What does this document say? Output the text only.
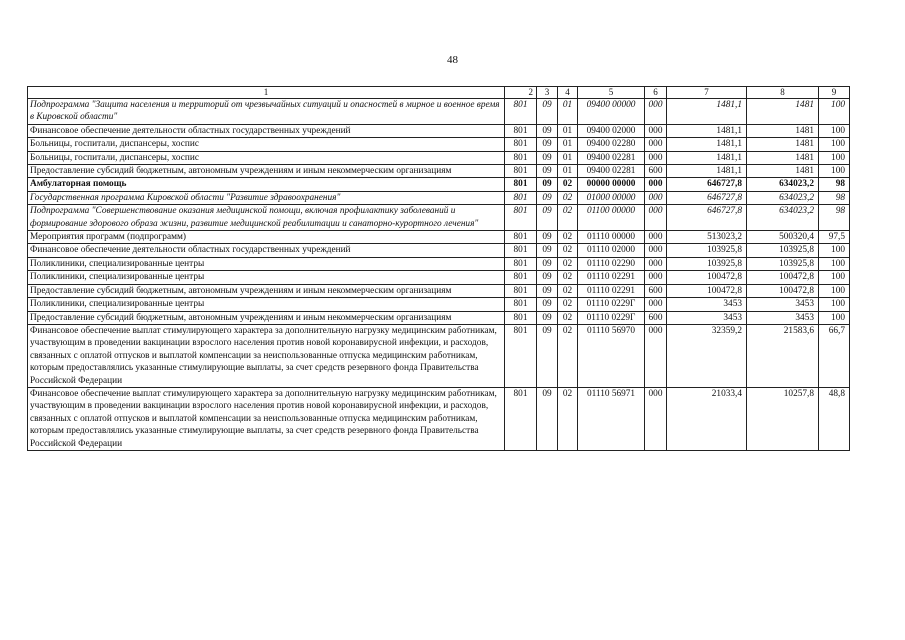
48
1	2	3	4	5	6	7	8	9
Подпрограмма "Защита населения и территорий от чрезвычайных ситуаций и опасностей в мирное и военное время в Кировской области"	801	09	01	09400 00000	000	1481,1	1481	100
Финансовое обеспечение деятельности областных государственных учреждений	801	09	01	09400 02000	000	1481,1	1481	100
Больницы, госпитали, диспансеры, хоспис	801	09	01	09400 02280	000	1481,1	1481	100
Больницы, госпитали, диспансеры, хоспис	801	09	01	09400 02281	000	1481,1	1481	100
Предоставление субсидий бюджетным, автономным учреждениям и иным некоммерческим организациям	801	09	01	09400 02281	600	1481,1	1481	100
Амбулаторная помощь	801	09	02	00000 00000	000	646727,8	634023,2	98
Государственная программа Кировской области "Развитие здравоохранения"	801	09	02	01000 00000	000	646727,8	634023,2	98
Подпрограмма "Совершенствование оказания медицинской помощи, включая профилактику заболеваний и формирование здорового образа жизни, развитие медицинской реабилитации и санаторно-курортного лечения"	801	09	02	01100 00000	000	646727,8	634023,2	98
Мероприятия программ (подпрограмм)	801	09	02	01110 00000	000	513023,2	500320,4	97,5
Финансовое обеспечение деятельности областных государственных учреждений	801	09	02	01110 02000	000	103925,8	103925,8	100
Поликлиники, специализированные центры	801	09	02	01110 02290	000	103925,8	103925,8	100
Поликлиники, специализированные центры	801	09	02	01110 02291	000	100472,8	100472,8	100
Предоставление субсидий бюджетным, автономным учреждениям и иным некоммерческим организациям	801	09	02	01110 02291	600	100472,8	100472,8	100
Поликлиники, специализированные центры	801	09	02	01110 0229Г	000	3453	3453	100
Предоставление субсидий бюджетным, автономным учреждениям и иным некоммерческим организациям	801	09	02	01110 0229Г	600	3453	3453	100
Финансовое обеспечение выплат стимулирующего характера за дополнительную нагрузку медицинским работникам, участвующим в проведении вакцинации взрослого населения против новой коронавирусной инфекции, и расходов, связанных с оплатой отпусков и выплатой компенсации за неиспользованные отпуска медицинским работникам, которым предоставлялись указанные стимулирующие выплаты, за счет средств резервного фонда Правительства Российской Федерации	801	09	02	01110 56970	000	32359,2	21583,6	66,7
Финансовое обеспечение выплат стимулирующего характера за дополнительную нагрузку медицинским работникам, участвующим в проведении вакцинации взрослого населения против новой коронавирусной инфекции, и расходов, связанных с оплатой отпусков и выплатой компенсации за неиспользованные отпуска медицинским работникам, которым предоставлялись указанные стимулирующие выплаты, за счет средств резервного фонда Правительства Российской Федерации	801	09	02	01110 56971	000	21033,4	10257,8	48,8
